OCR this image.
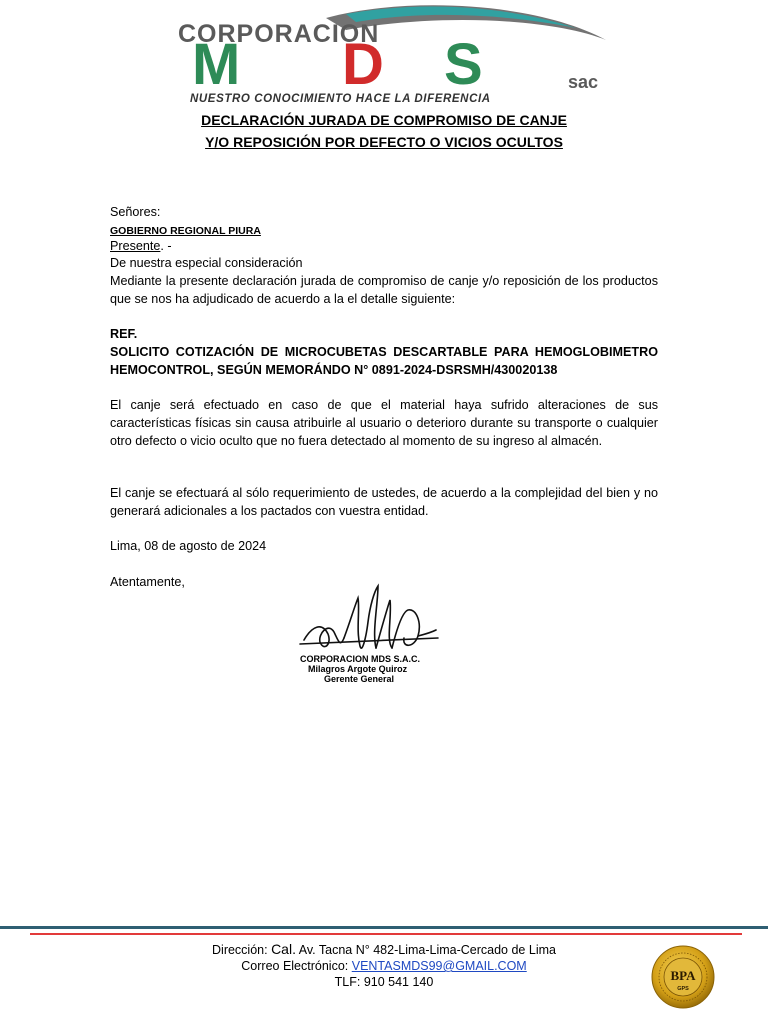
CORPORACION
M D S	sac
NUESTRO CONOCIMIENTO HACE LA DIFERENCIA
DECLARACIÓN JURADA DE COMPROMISO DE CANJE
Y/O REPOSICIÓN POR DEFECTO O VICIOS OCULTOS
Señores:
GOBIERNO REGIONAL PIURA
Presente. -
De nuestra especial consideración
Mediante la presente declaración jurada de compromiso de canje y/o reposición de los productos que se nos ha adjudicado de acuerdo a la el detalle siguiente:
REF.
SOLICITO COTIZACIÓN DE MICROCUBETAS DESCARTABLE PARA HEMOGLOBIMETRO HEMOCONTROL, SEGÚN MEMORÁNDO N° 0891-2024-DSRSMH/430020138
El canje será efectuado en caso de que el material haya sufrido alteraciones de sus características físicas sin causa atribuirle al usuario o deterioro durante su transporte o cualquier otro defecto o vicio oculto que no fuera detectado al momento de su ingreso al almacén.
El canje se efectuará al sólo requerimiento de ustedes, de acuerdo a la complejidad del bien y no generará adicionales a los pactados con vuestra entidad.
Lima, 08 de agosto de 2024
Atentamente,
CORPORACION MDS S.A.C.
Milagros Argote Quiroz
Gerente General
Dirección: Cal. Av. Tacna N° 482-Lima-Lima-Cercado de Lima
Correo Electrónico: VENTASMDS99@GMAIL.COM
TLF: 910 541 140	BPA
GPS
